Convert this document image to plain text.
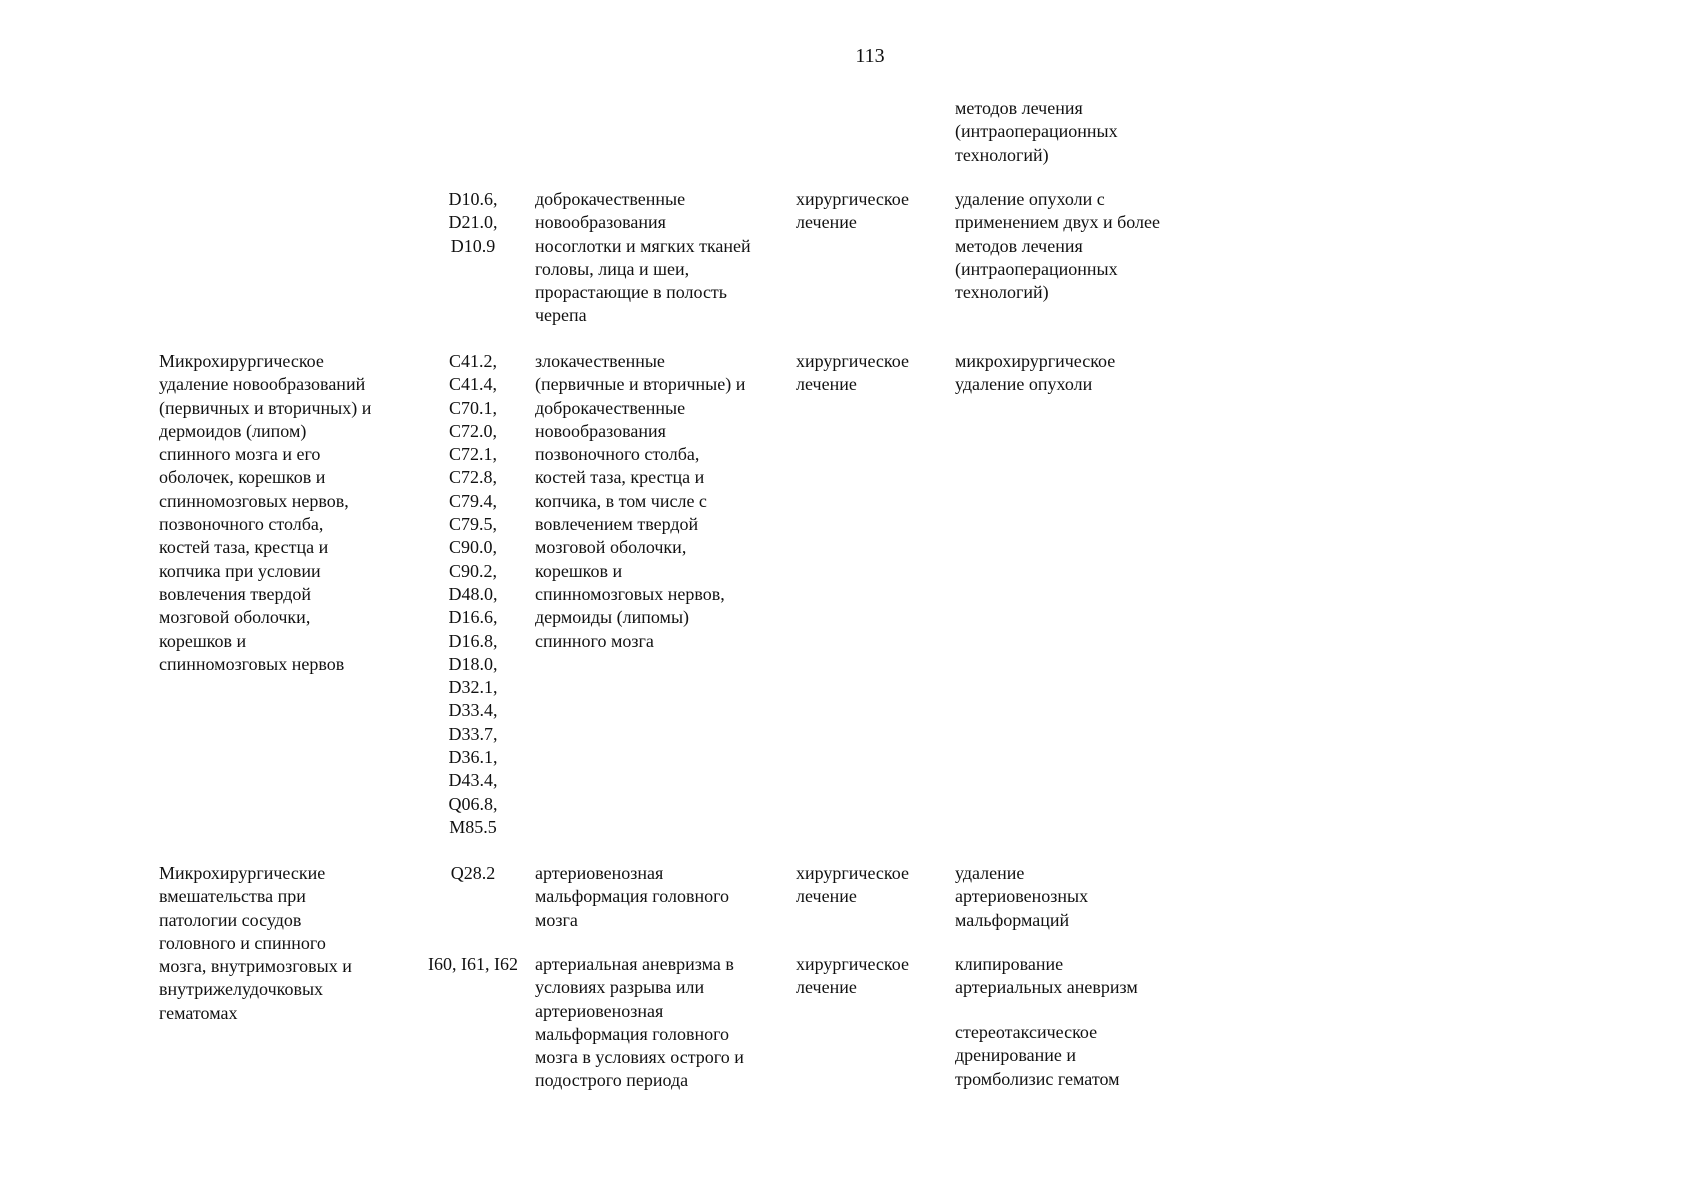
113
методов лечения
(интраоперационных
технологий)
D10.6,
D21.0,
D10.9
доброкачественные
новообразования
носоглотки и мягких тканей
головы, лица и шеи,
прорастающие в полость
черепа
хирургическое
лечение
удаление опухоли с
применением двух и более
методов лечения
(интраоперационных
технологий)
Микрохирургическое
удаление новообразований
(первичных и вторичных) и
дермоидов (липом)
спинного мозга и его
оболочек, корешков и
спинномозговых нервов,
позвоночного столба,
костей таза, крестца и
копчика при условии
вовлечения твердой
мозговой оболочки,
корешков и
спинномозговых нервов
C41.2,
C41.4,
C70.1,
C72.0,
C72.1,
C72.8,
C79.4,
C79.5,
C90.0,
C90.2,
D48.0,
D16.6,
D16.8,
D18.0,
D32.1,
D33.4,
D33.7,
D36.1,
D43.4,
Q06.8,
M85.5
злокачественные
(первичные и вторичные) и
доброкачественные
новообразования
позвоночного столба,
костей таза, крестца и
копчика, в том числе с
вовлечением твердой
мозговой оболочки,
корешков и
спинномозговых нервов,
дермоиды (липомы)
спинного мозга
хирургическое
лечение
микрохирургическое
удаление опухоли
Микрохирургические
вмешательства при
патологии сосудов
головного и спинного
мозга, внутримозговых и
внутрижелудочковых
гематомах
Q28.2	артериовенозная
мальформация головного
мозга
хирургическое
лечение
удаление
артериовенозных
мальформаций
I60, I61, I62 артериальная аневризма в
условиях разрыва или
артериовенозная
мальформация головного
мозга в условиях острого и
подострого периода
хирургическое
лечение
клипирование
артериальных аневризм
стереотаксическое
дренирование и
тромболизис гематом
